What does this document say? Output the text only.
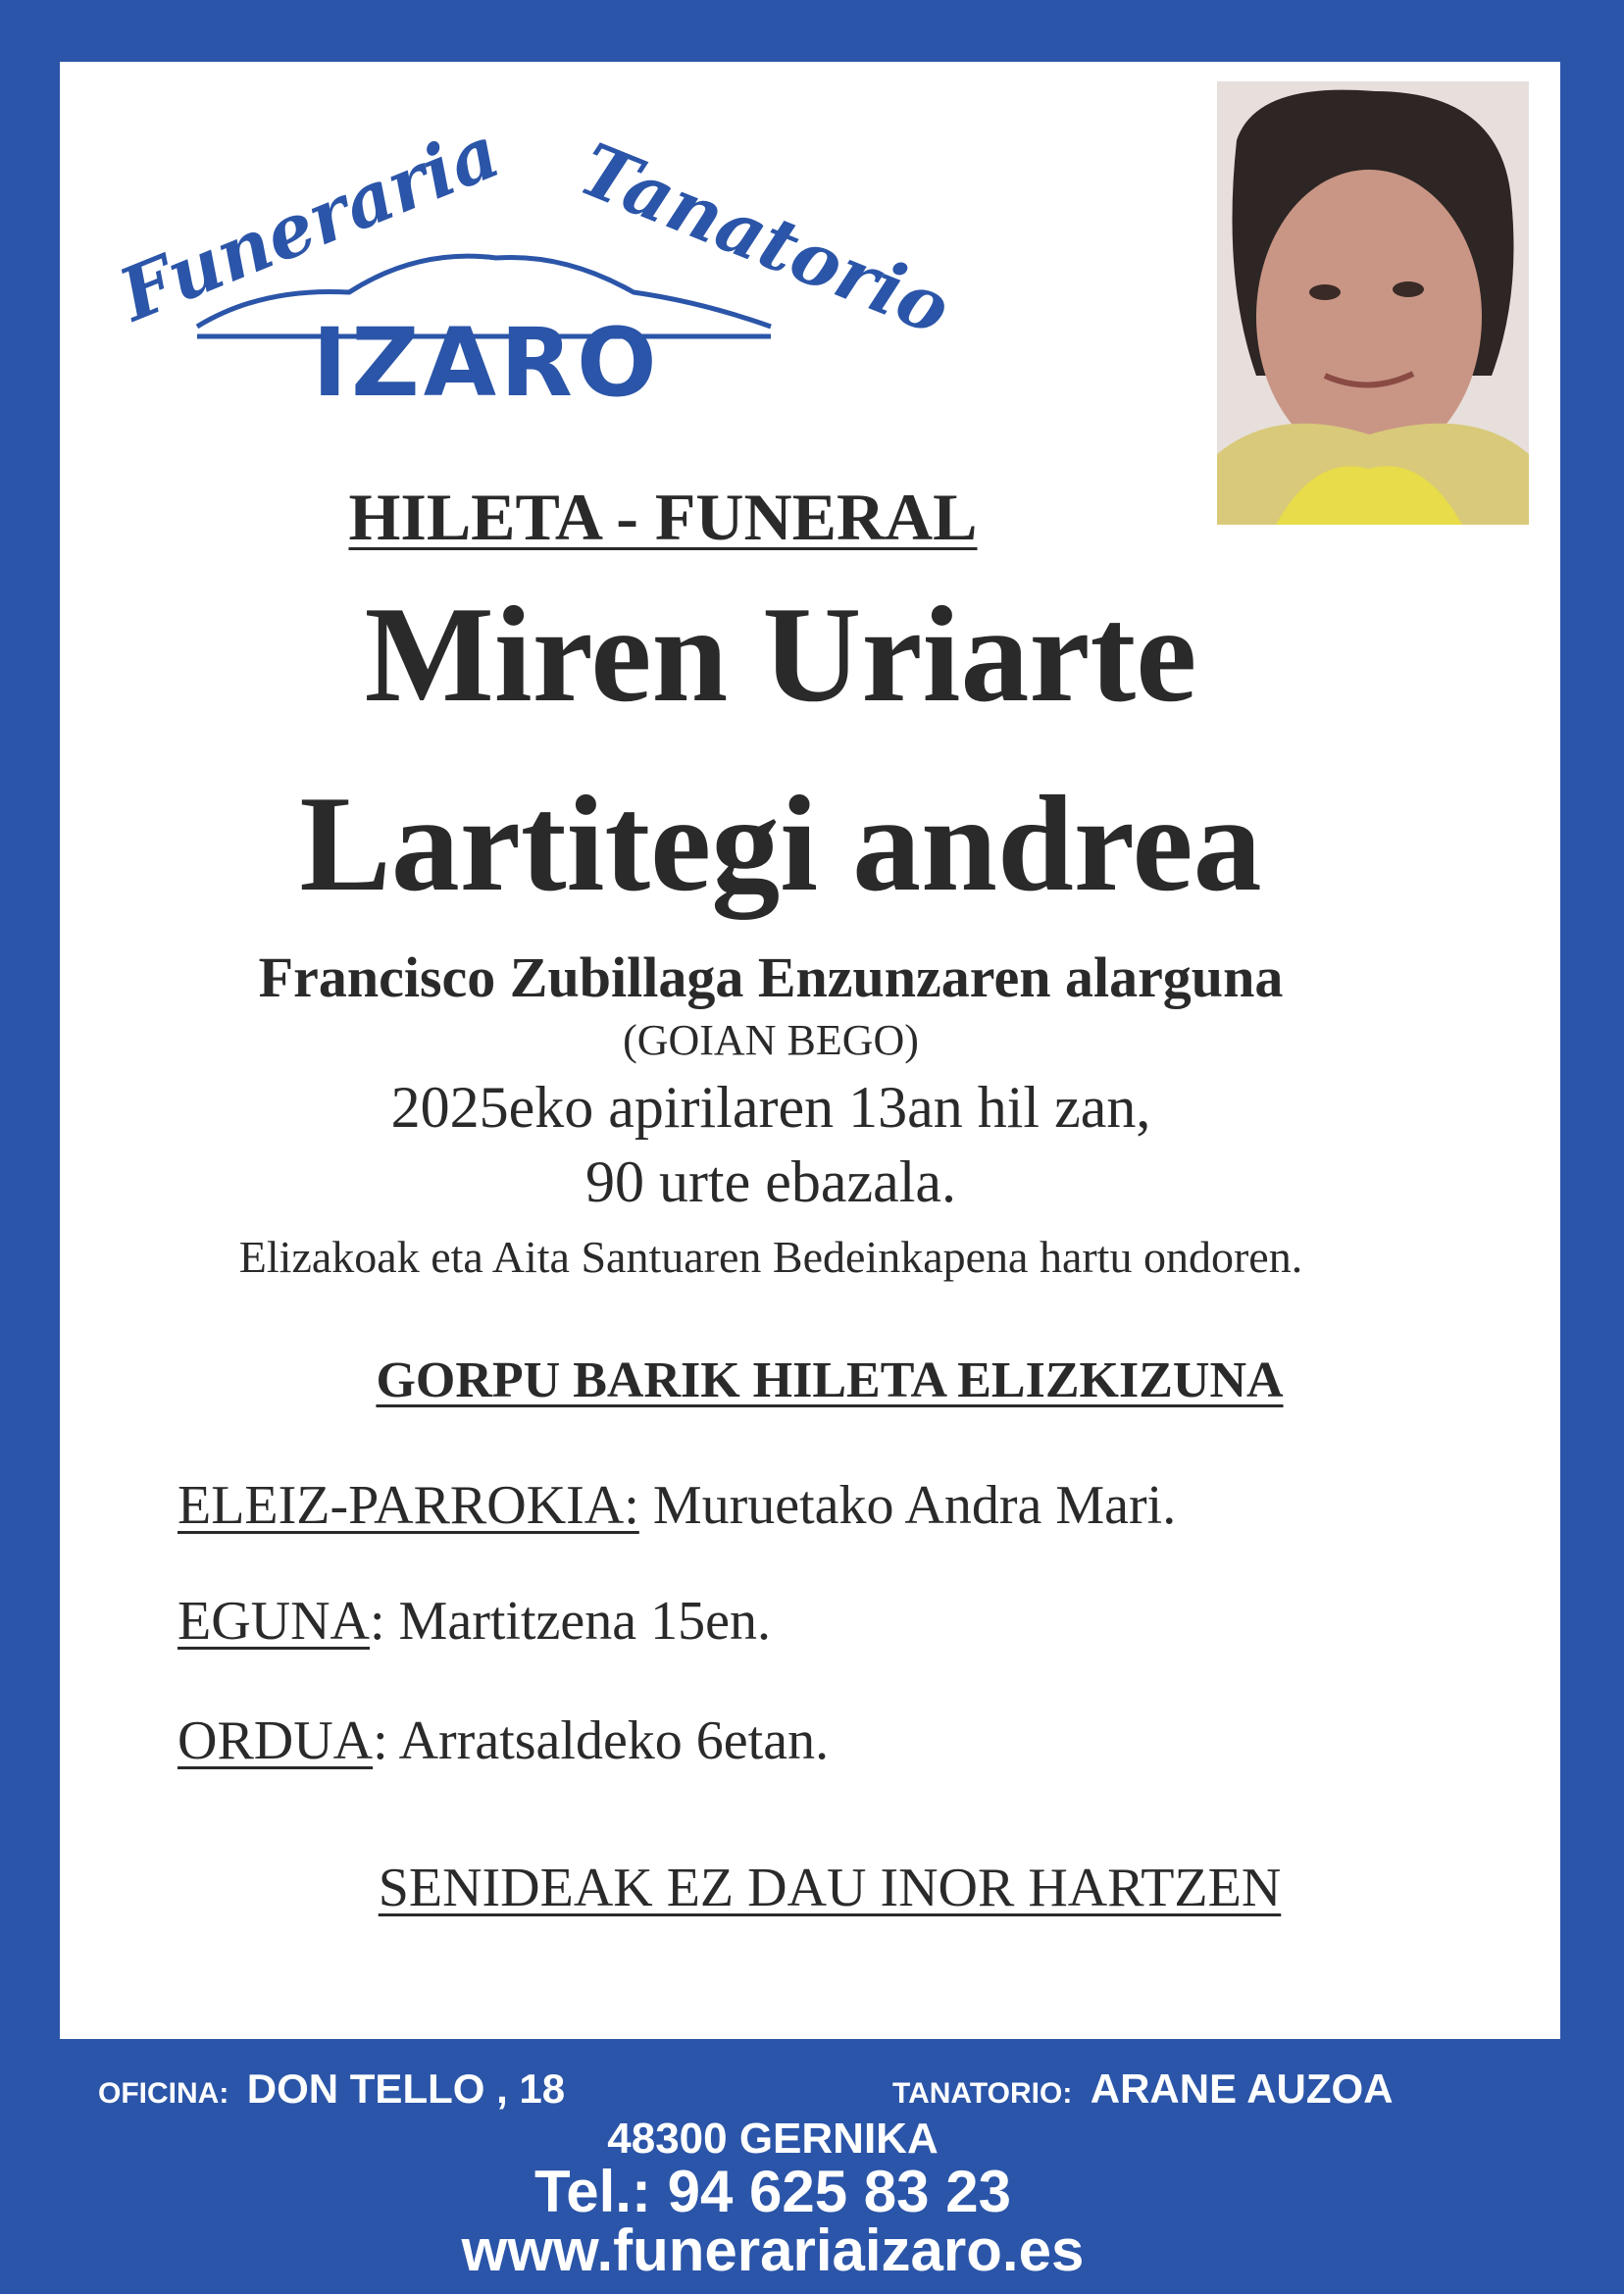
Funeraria Tanatorio
IZARO
HILETA - FUNERAL
Miren Uriarte
Lartitegi andrea
Francisco Zubillaga Enzunzaren alarguna
(GOIAN BEGO)
2025eko apirilaren 13an hil zan,
90 urte ebazala.
Elizakoak eta Aita Santuaren Bedeinkapena hartu ondoren.
GORPU BARIK HILETA ELIZKIZUNA
ELEIZ-PARROKIA: Muruetako Andra Mari.
EGUNA: Martitzena 15en.
ORDUA: Arratsaldeko 6etan.
SENIDEAK EZ DAU INOR HARTZEN
OFICINA: DON TELLO , 18	TANATORIO: ARANE AUZOA
48300 GERNIKA
Tel.: 94 625 83 23
www.funerariaizaro.es
